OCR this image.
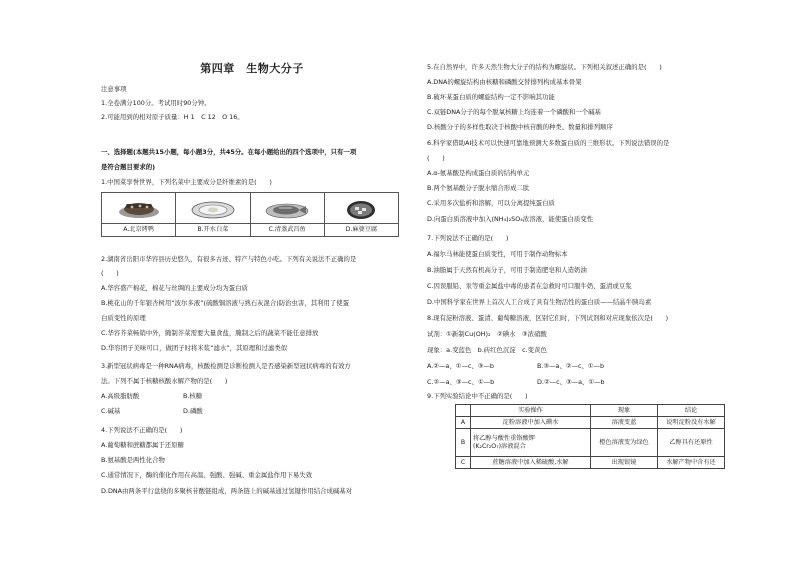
第四章　生物大分子
注意事项
1.全卷满分100分。考试用时90分钟。
2.可能用到的相对原子质量：H 1　C 12　O 16。
一、选择题(本题共15小题，每小题3分，共45分。在每小题给出的四个选项中，只有一项
是符合题目要求的)
1.中国菜享誉世界，下列名菜中主要成分是纤维素的是(　　)
A.北京烤鸭	B.开水白菜	C.清蒸武昌鱼	D.麻婆豆腐
2.湖南省岳阳市华容县历史悠久，有很多古迹、特产与特色小吃。下列有关说法不正确的是
(　　)
A.华容盛产棉花，棉花与丝绸的主要成分均为蛋白质
B.桃花山的千年银杏树用“波尔多液”(硫酸铜溶液与熟石灰混合)防治虫害，其利用了使蛋
白质变性的原理
C.华容芥菜畅销中外，腌制芥菜需要大量食盐，腌制之后的蔬菜不能任意排放
D.华容团子美味可口，做团子时将米浆“滤水”，其原理和过滤类似
3.新型冠状病毒是一种RNA病毒，核酸检测是诊断检测人是否感染新型冠状病毒的有效方
法。下列不属于核糖核酸水解产物的是(　　)
A.高级脂肪酸	B.核糖
C.碱基	D.磷酸
4.下列说法不正确的是(　　)
A.葡萄糖和蔗糖都属于还原糖
B.氨基酸是两性化合物
C.通常情况下，酶的催化作用在高温、强酸、强碱、重金属盐作用下易失效
D.DNA由两条平行盘绕的多聚核苷酸链组成，两条链上的碱基通过氢键作用结合成碱基对
5.在自然界中，许多天然生物大分子的结构为螺旋状。下列相关叙述正确的是(　　)
A.DNA的螺旋结构由核糖和磷酸交替排列构成基本骨架
B.破坏某蛋白质的螺旋结构一定不影响其功能
C.双链DNA分子的每个脱氧核糖上均连着一个磷酸和一个碱基
D.核酸分子的多样性取决于核酸中核苷酸的种类、数量和排列顺序
6.科学家借助AI技术可以快速可靠地预测大多数蛋白质的三维形状。下列说法错误的是
(　　)
A.α-氨基酸是构成蛋白质的结构单元
B.两个氨基酸分子脱水缩合形成二肽
C.采用多次盐析和溶解，可以分离提纯蛋白质
D.向蛋白质溶液中加入(NH₄)₂SO₄浓溶液，能使蛋白质变性
7.下列说法不正确的是(　　)
A.福尔马林能使蛋白质变性，可用于制作动物标本
B.油脂属于天然有机高分子，可用于制造肥皂和人造奶油
C.因误服铅、汞等重金属盐中毒的患者在急救时可口服牛奶、蛋清或豆浆
D.中国科学家在世界上首次人工合成了具有生物活性的蛋白质——结晶牛胰岛素
8.现有淀粉溶液、蛋清、葡萄糖溶液，区别它们时，下列试剂和对应现象依次是(　　)
试剂：①新制Cu(OH)₂　②碘水　③浓硝酸
现象：a.变蓝色　b.砖红色沉淀　c.变黄色
A.②—a、①—c、③—b	B.③—a、②—c、①—b
C.②—a、③—c、①—b	D.②—c、③—a、①—b
9.下列实验结论中不正确的是(　　)
	实验操作	现象	结论
A	淀粉溶液中加入碘水	溶液变蓝	说明淀粉没有水解
B	将乙醇与酸性重铬酸钾
(K₂Cr₂O₇)溶液混合	橙色溶液变为绿色	乙醇具有还原性
C	蔗糖溶液中加入稀硫酸,水解	出现银镜	水解产物中含有还
